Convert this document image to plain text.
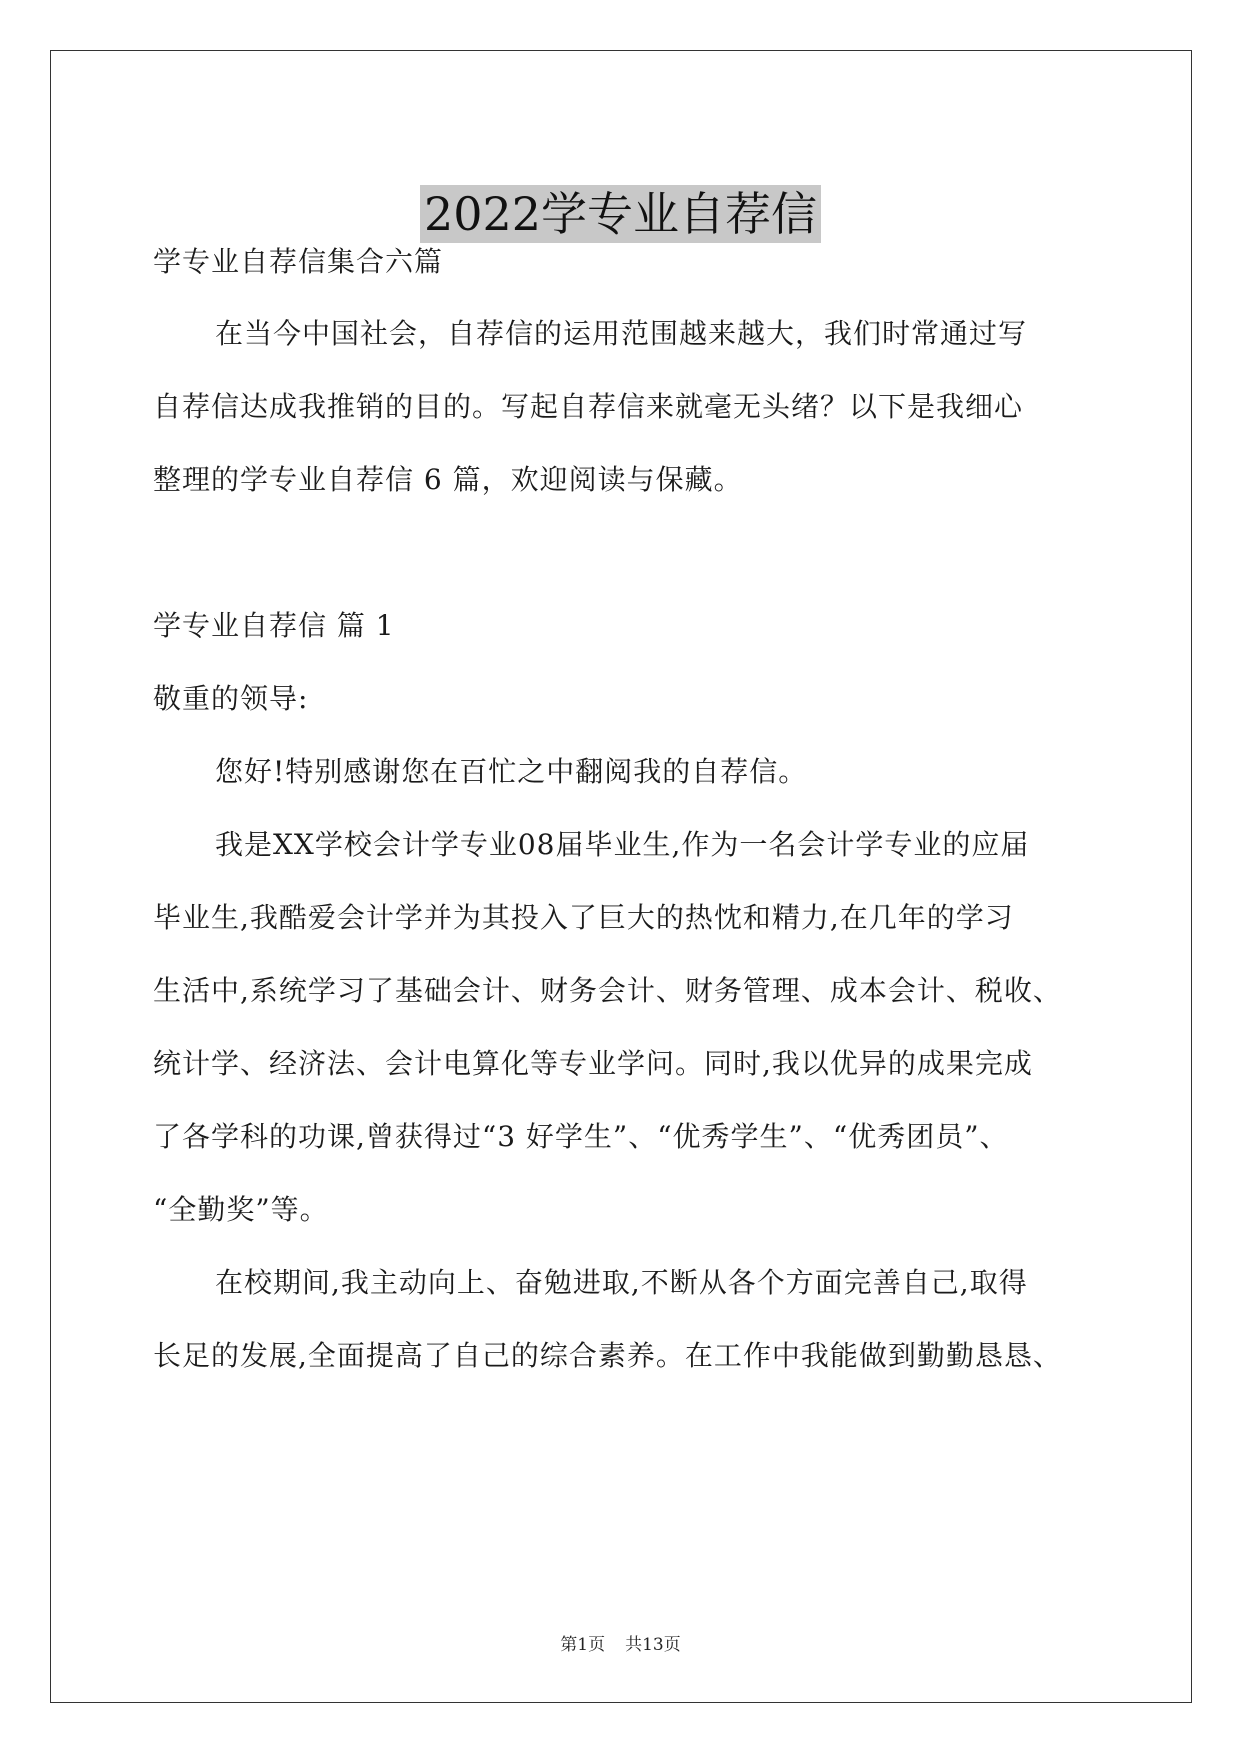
2022学专业自荐信
学专业自荐信集合六篇
在当今中国社会，自荐信的运用范围越来越大，我们时常通过写
自荐信达成我推销的目的。写起自荐信来就毫无头绪？以下是我细心
整理的学专业自荐信 6 篇，欢迎阅读与保藏。
学专业自荐信 篇 1
敬重的领导:
您好!特别感谢您在百忙之中翻阅我的自荐信。
我是XX学校会计学专业08届毕业生,作为一名会计学专业的应届
毕业生,我酷爱会计学并为其投入了巨大的热忱和精力,在几年的学习
生活中,系统学习了基础会计、财务会计、财务管理、成本会计、税收、
统计学、经济法、会计电算化等专业学问。同时,我以优异的成果完成
了各学科的功课,曾获得过“3 好学生”、“优秀学生”、“优秀团员”、
“全勤奖”等。
在校期间,我主动向上、奋勉进取,不断从各个方面完善自己,取得
长足的发展,全面提高了自己的综合素养。在工作中我能做到勤勤恳恳、
第1页 共13页
